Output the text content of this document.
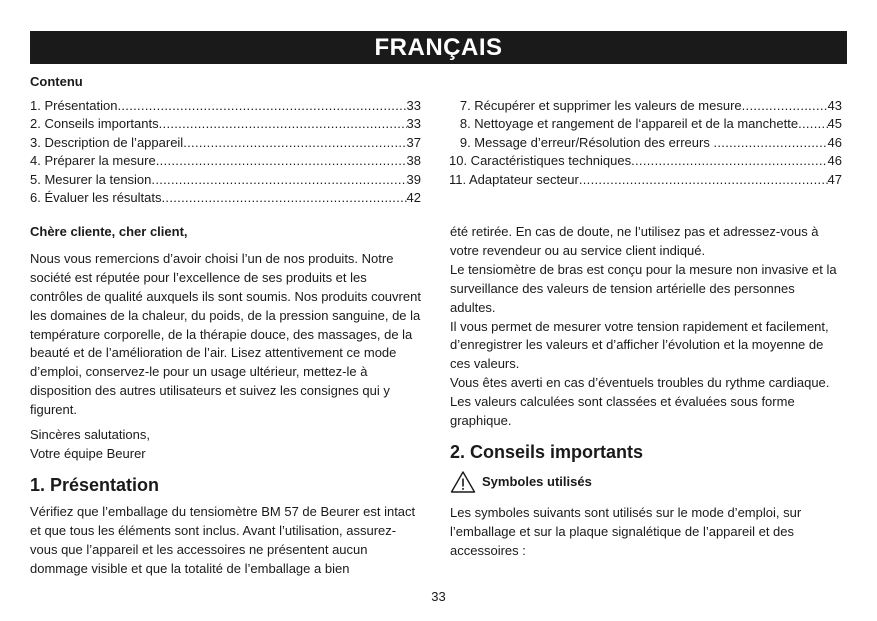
FRANÇAIS
Contenu
1. Présentation .....	33
2. Conseils importants .....	33
3. Description de l’appareil .....	37
4. Préparer la mesure .....	38
5. Mesurer la tension .....	39
6. Évaluer les résultats .....	42
7. Récupérer et supprimer les valeurs de mesure .....	43
8. Nettoyage et rangement de l‘appareil et de la manchette ..... 45
9. Message d’erreur/Résolution des erreurs .....	46
10. Caractéristiques techniques .....	46
11. Adaptateur secteur .....	47

Chère cliente, cher client,

Nous vous remercions d’avoir choisi l’un de nos produits. Notre société est réputée pour l’excellence de ses produits et les contrôles de qualité auxquels ils sont soumis. Nos produits couvrent les domaines de la chaleur, du poids, de la pression sanguine, de la température corporelle, de la thérapie douce, des massages, de la beauté et de l’amélioration de l’air. Lisez attentivement ce mode d’emploi, conservez-le pour un usage ultérieur, mettez-le à disposition des autres utilisateurs et suivez les consignes qui y figurent.

Sincères salutations,

Votre équipe Beurer

1. Présentation

Vérifiez que l’emballage du tensiomètre BM 57 de Beurer est intact et que tous les éléments sont inclus. Avant l’utilisation, assurez-vous que l’appareil et les accessoires ne présentent aucun dommage visible et que la totalité de l’emballage a bien

été retirée. En cas de doute, ne l’utilisez pas et adressez-vous à votre revendeur ou au service client indiqué.

Le tensiomètre de bras est conçu pour la mesure non invasive et la surveillance des valeurs de tension artérielle des personnes adultes.

Il vous permet de mesurer votre tension rapidement et facilement, d’enregistrer les valeurs et d’afficher l’évolution et la moyenne de ces valeurs.

Vous êtes averti en cas d’éventuels troubles du rythme cardiaque.

Les valeurs calculées sont classées et évaluées sous forme graphique.

2. Conseils importants
Symboles utilisés

Les symboles suivants sont utilisés sur le mode d’emploi, sur l’emballage et sur la plaque signalétique de l’appareil et des accessoires :

33
